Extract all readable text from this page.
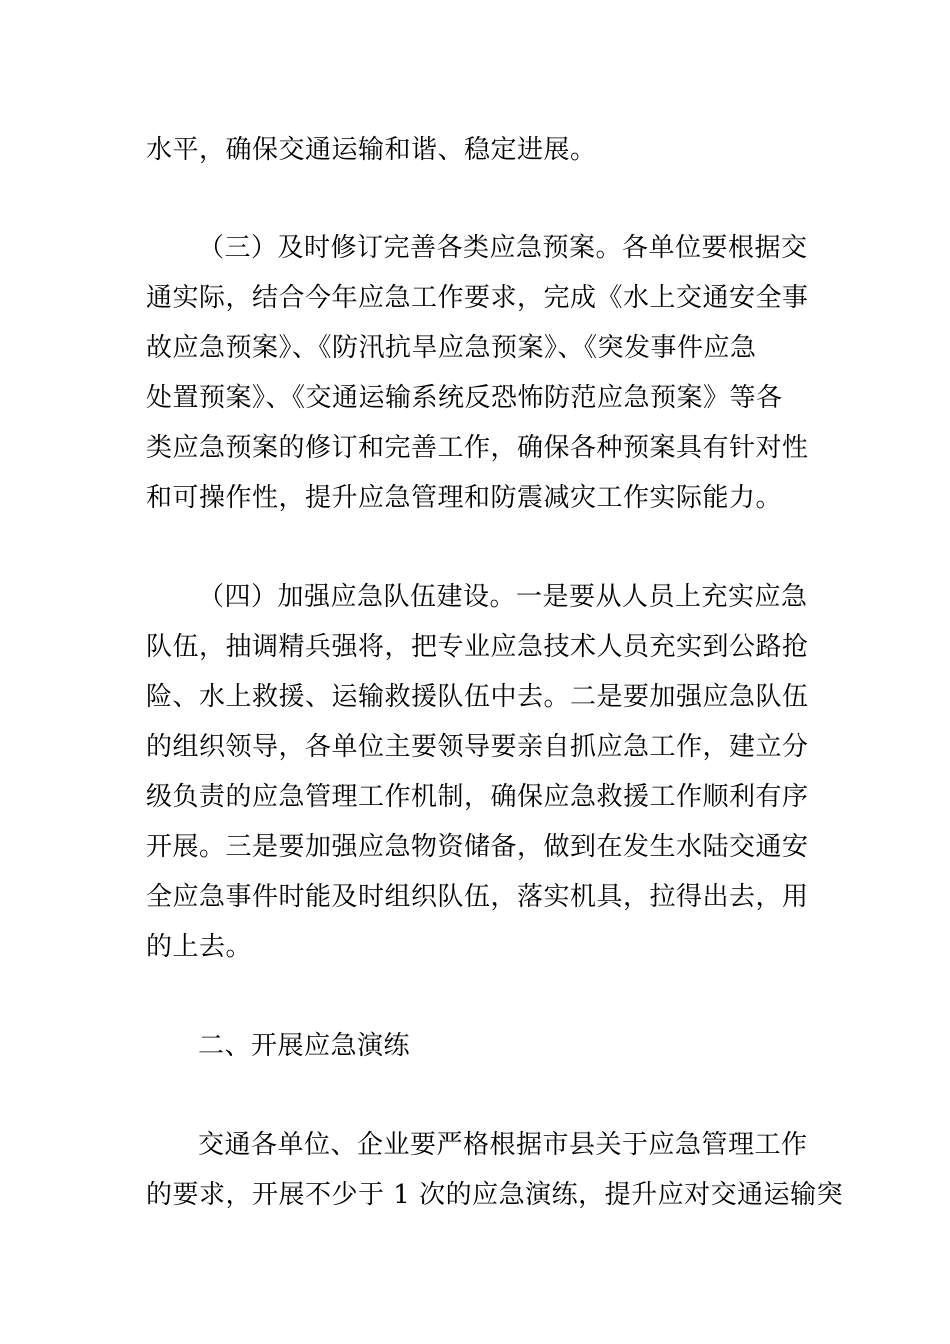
水平，确保交通运输和谐、稳定进展。
（三）及时修订完善各类应急预案。各单位要根据交
通实际，结合今年应急工作要求，完成《水上交通安全事
故应急预案》、《防汛抗旱应急预案》、《突发事件应急
处置预案》、《交通运输系统反恐怖防范应急预案》等各
类应急预案的修订和完善工作，确保各种预案具有针对性
和可操作性，提升应急管理和防震减灾工作实际能力。
（四）加强应急队伍建设。一是要从人员上充实应急
队伍，抽调精兵强将，把专业应急技术人员充实到公路抢
险、水上救援、运输救援队伍中去。二是要加强应急队伍
的组织领导，各单位主要领导要亲自抓应急工作，建立分
级负责的应急管理工作机制，确保应急救援工作顺利有序
开展。三是要加强应急物资储备，做到在发生水陆交通安
全应急事件时能及时组织队伍，落实机具，拉得出去，用
的上去。
二、开展应急演练
交通各单位、企业要严格根据市县关于应急管理工作
的要求，开展不少于 1 次的应急演练，提升应对交通运输突
